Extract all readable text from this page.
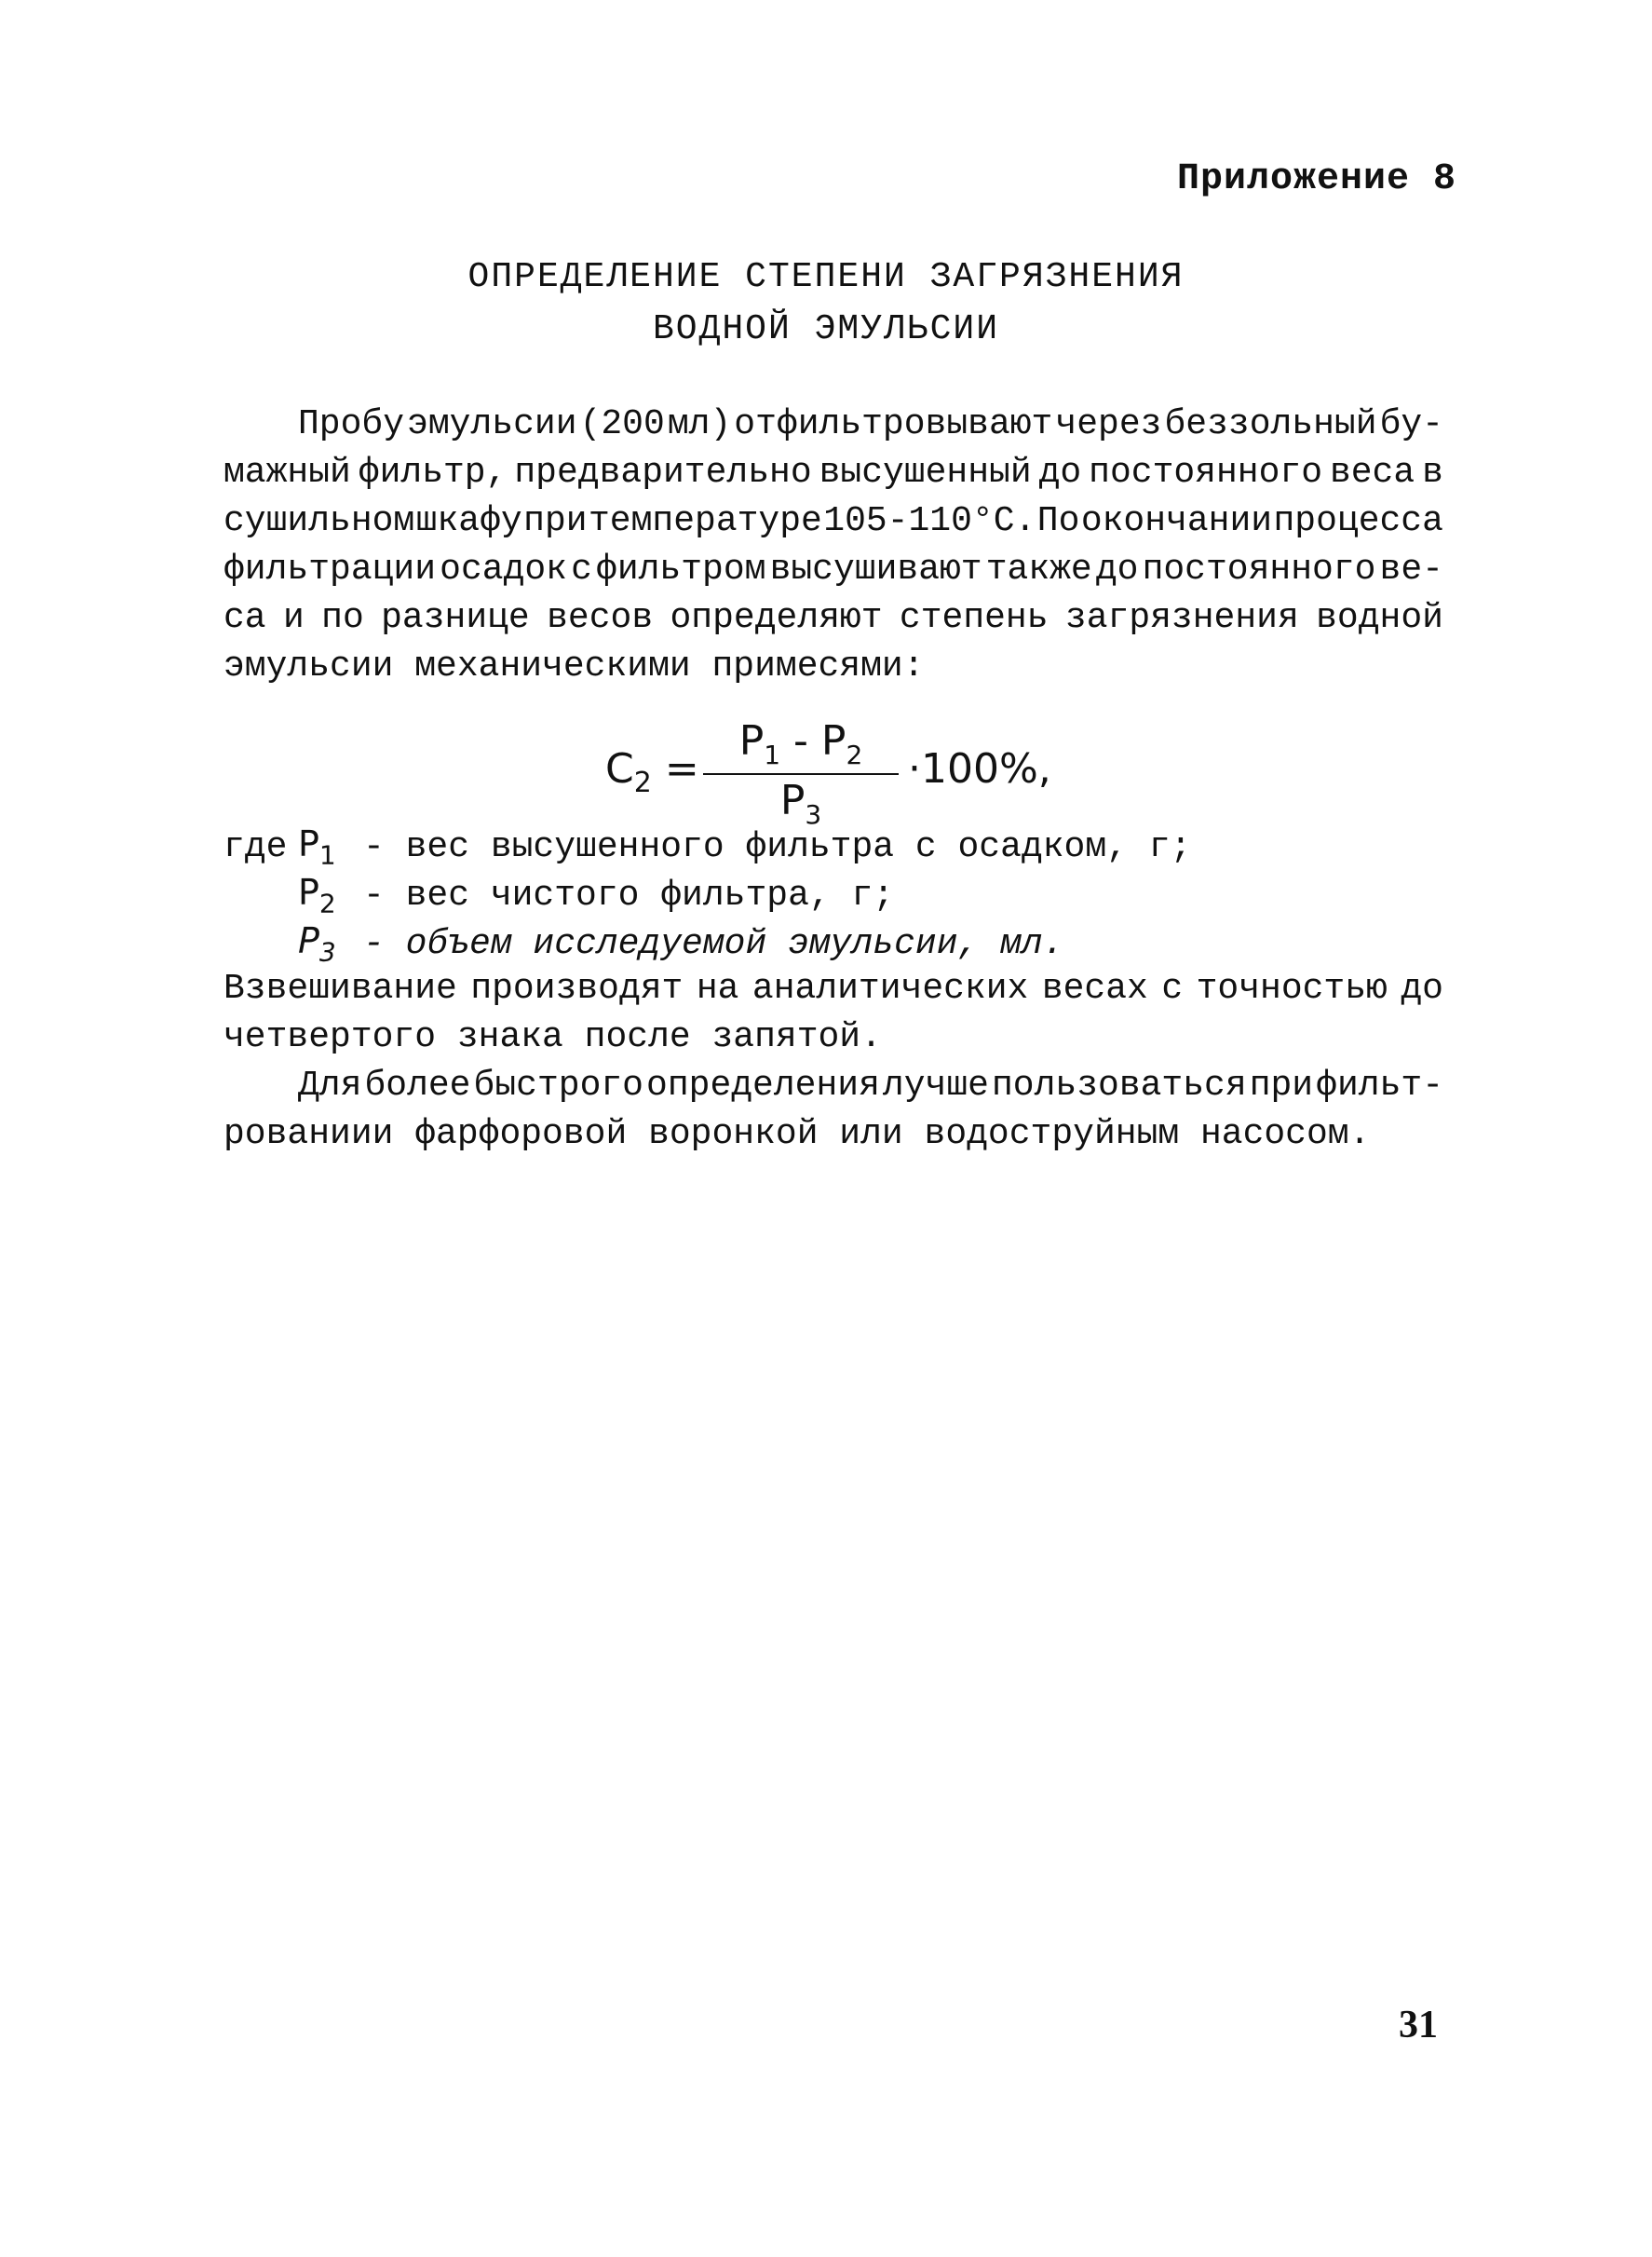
Приложение 8
ОПРЕДЕЛЕНИЕ СТЕПЕНИ ЗАГРЯЗНЕНИЯ
ВОДНОЙ ЭМУЛЬСИИ
Пробу эмульсии (200 мл) отфильтровывают через беззольный бу-
мажный фильтр, предварительно высушенный до постоянного веса в
сушильном шкафу при температуре 105-110°С. По окончании процесса
фильтрации осадок с фильтром высушивают также до постоянного ве-
са и по разнице весов определяют степень загрязнения водной
эмульсии механическими примесями:
$C_2$ =
$P_1 - P_2$
$P_3$
·100%,
где $P_1$ - вес высушенного фильтра с осадком, г;
$P_2$ - вес чистого фильтра, г;
$P_3$ - объем исследуемой эмульсии, мл.
Взвешивание производят на аналитических весах с точностью до
четвертого знака после запятой.
Для более быстрого определения лучше пользоваться при фильт-
рованиии фарфоровой воронкой или водоструйным насосом.
31
